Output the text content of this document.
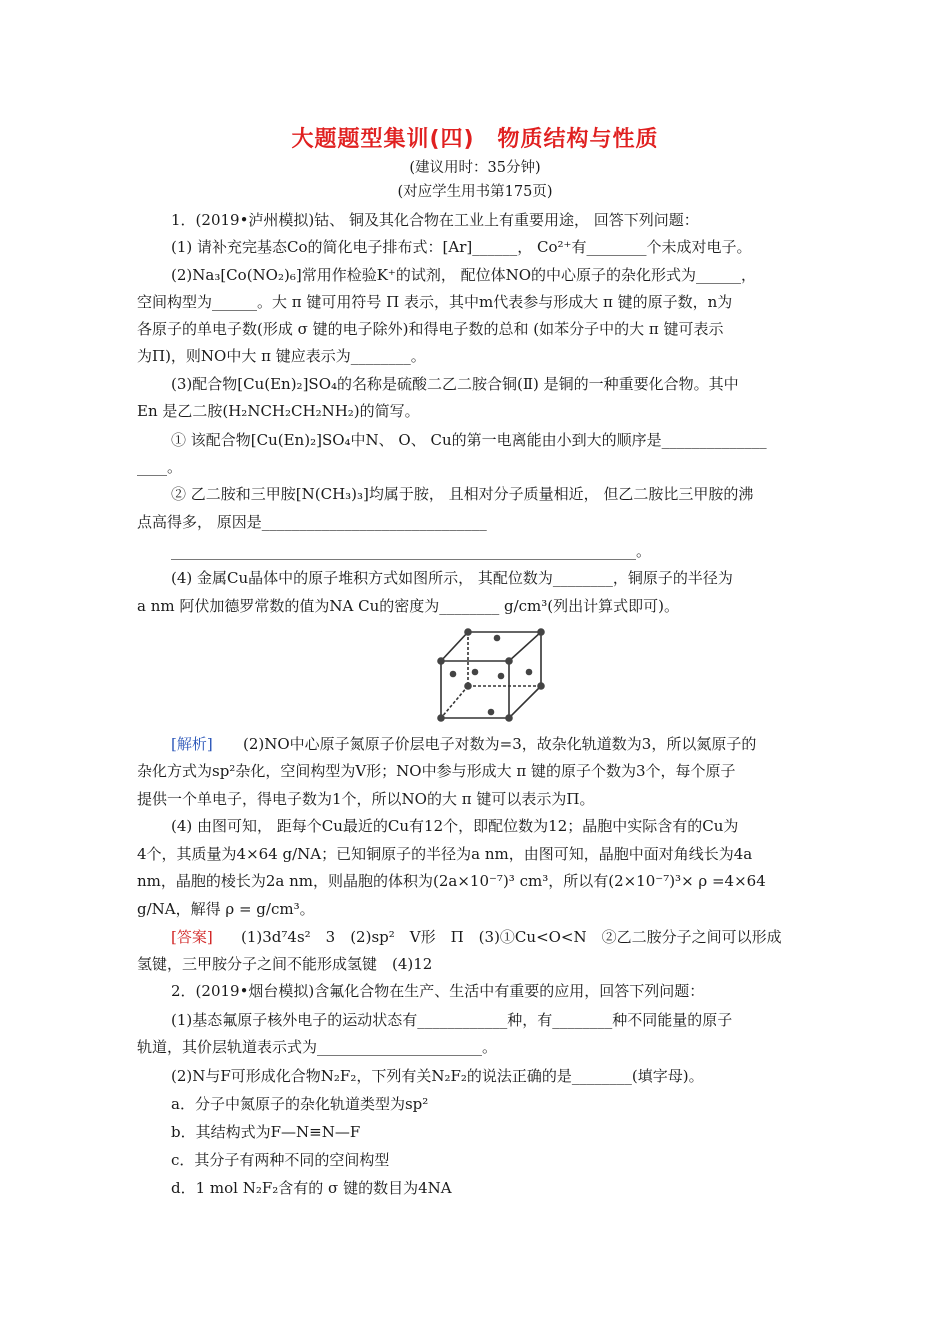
大题题型集训(四)　物质结构与性质
(建议用时：35分钟)
(对应学生用书第175页)
1．(2019•泸州模拟)钴、 铜及其化合物在工业上有重要用途， 回答下列问题：
(1) 请补充完基态Co的简化电子排布式：[Ar]______， Co²⁺有________个未成对电子。
(2)Na₃[Co(NO₂)₆]常用作检验K⁺的试剂， 配位体NO的中心原子的杂化形式为______，
空间构型为______。大 π 键可用符号 Π 表示，其中m代表参与形成大 π 键的原子数，n为
各原子的单电子数(形成 σ 键的电子除外)和得电子数的总和 (如苯分子中的大 π 键可表示
为Π)，则NO中大 π 键应表示为________。
(3)配合物[Cu(En)₂]SO₄的名称是硫酸二乙二胺合铜(Ⅱ) 是铜的一种重要化合物。其中
En 是乙二胺(H₂NCH₂CH₂NH₂)的简写。
① 该配合物[Cu(En)₂]SO₄中N、 O、 Cu的第一电离能由小到大的顺序是______________
____。
② 乙二胺和三甲胺[N(CH₃)₃]均属于胺， 且相对分子质量相近， 但乙二胺比三甲胺的沸
点高得多， 原因是______________________________
______________________________________________________________。
(4) 金属Cu晶体中的原子堆积方式如图所示， 其配位数为________，铜原子的半径为
a nm 阿伏加德罗常数的值为NA Cu的密度为________ g/cm³(列出计算式即可)。
[解析] (2)NO中心原子氮原子价层电子对数为=3，故杂化轨道数为3，所以氮原子的
杂化方式为sp²杂化，空间构型为V形；NO中参与形成大 π 键的原子个数为3个，每个原子
提供一个单电子，得电子数为1个，所以NO的大 π 键可以表示为Π。
(4) 由图可知， 距每个Cu最近的Cu有12个，即配位数为12；晶胞中实际含有的Cu为
4个，其质量为4×64 g/NA；已知铜原子的半径为a nm，由图可知，晶胞中面对角线长为4a
nm，晶胞的棱长为2a nm，则晶胞的体积为(2a×10⁻⁷)³ cm³，所以有(2×10⁻⁷)³× ρ =4×64
g/NA，解得 ρ = g/cm³。
[答案] (1)3d⁷4s²　3　(2)sp²　V形　Π　(3)①Cu<O<N　②乙二胺分子之间可以形成
氢键，三甲胺分子之间不能形成氢键　(4)12
2．(2019•烟台模拟)含氟化合物在生产、生活中有重要的应用，回答下列问题：
(1)基态氟原子核外电子的运动状态有____________种，有________种不同能量的原子
轨道，其价层轨道表示式为______________________。
(2)N与F可形成化合物N₂F₂，下列有关N₂F₂的说法正确的是________(填字母)。
a．分子中氮原子的杂化轨道类型为sp²
b．其结构式为F—N≡N—F
c．其分子有两种不同的空间构型
d．1 mol N₂F₂含有的 σ 键的数目为4NA
